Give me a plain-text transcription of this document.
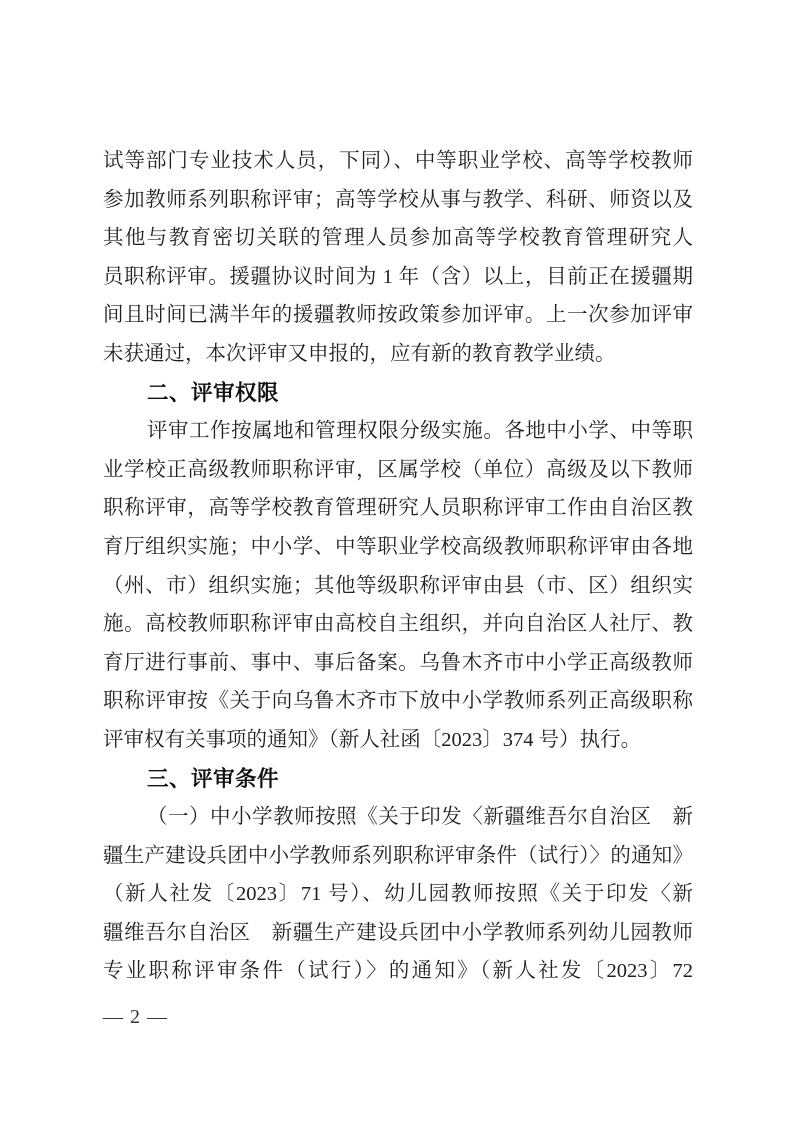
试等部门专业技术人员，下同）、中等职业学校、高等学校教师
参加教师系列职称评审；高等学校从事与教学、科研、师资以及
其他与教育密切关联的管理人员参加高等学校教育管理研究人
员职称评审。援疆协议时间为 1 年（含）以上，目前正在援疆期
间且时间已满半年的援疆教师按政策参加评审。上一次参加评审
未获通过，本次评审又申报的，应有新的教育教学业绩。
二、评审权限
评审工作按属地和管理权限分级实施。各地中小学、中等职
业学校正高级教师职称评审，区属学校（单位）高级及以下教师
职称评审，高等学校教育管理研究人员职称评审工作由自治区教
育厅组织实施；中小学、中等职业学校高级教师职称评审由各地
（州、市）组织实施；其他等级职称评审由县（市、区）组织实
施。高校教师职称评审由高校自主组织，并向自治区人社厅、教
育厅进行事前、事中、事后备案。乌鲁木齐市中小学正高级教师
职称评审按《关于向乌鲁木齐市下放中小学教师系列正高级职称
评审权有关事项的通知》（新人社函〔2023〕374 号）执行。
三、评审条件
（一）中小学教师按照《关于印发〈新疆维吾尔自治区　新
疆生产建设兵团中小学教师系列职称评审条件（试行）〉的通知》
（新人社发〔2023〕71 号）、幼儿园教师按照《关于印发〈新
疆维吾尔自治区　新疆生产建设兵团中小学教师系列幼儿园教师
专业职称评审条件（试行）〉的通知》（新人社发〔2023〕72
— 2 —
